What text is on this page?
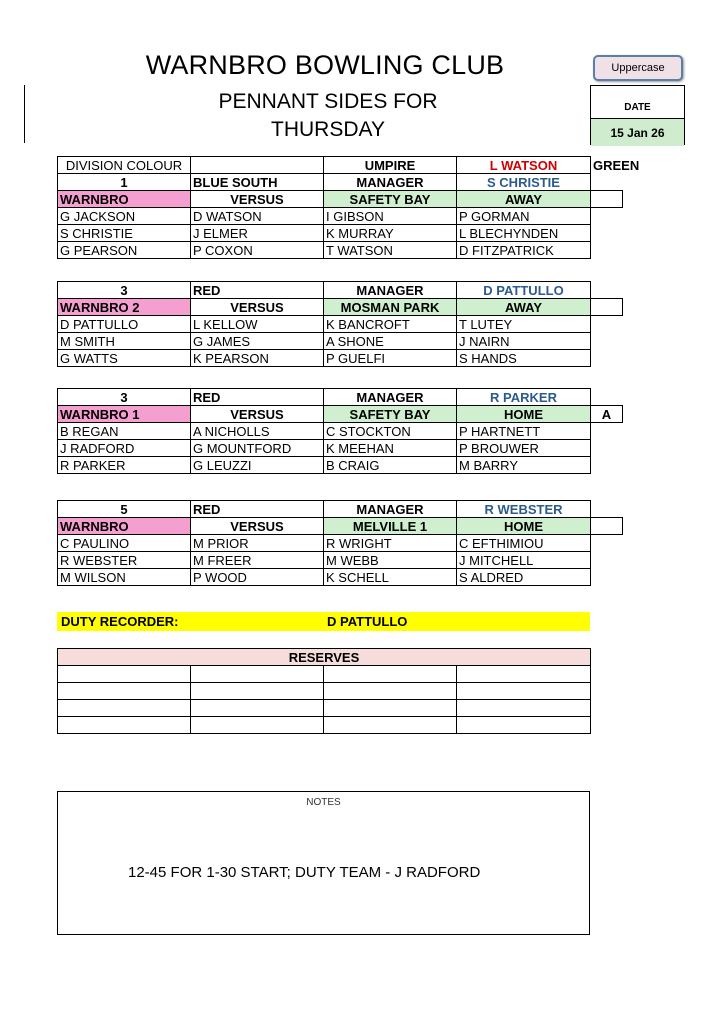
WARNBRO BOWLING CLUB
PENNANT SIDES FOR
THURSDAY
Uppercase
DATE
15 Jan 26
DIVISION COLOUR		UMPIRE	L WATSON	GREEN	
1	BLUE SOUTH	MANAGER	S CHRISTIE		
WARNBRO	VERSUS	SAFETY BAY	AWAY		
G JACKSON	D WATSON	I GIBSON	P GORMAN		
S CHRISTIE	J ELMER	K MURRAY	L BLECHYNDEN		
G PEARSON	P COXON	T WATSON	D FITZPATRICK		
3	RED	MANAGER	D PATTULLO	
WARNBRO 2	VERSUS	MOSMAN PARK	AWAY	
D PATTULLO	L KELLOW	K BANCROFT	T LUTEY	
M SMITH	G JAMES	A SHONE	J NAIRN	
G WATTS	K PEARSON	P GUELFI	S HANDS	
3	RED	MANAGER	R PARKER	
WARNBRO 1	VERSUS	SAFETY BAY	HOME	A
B REGAN	A NICHOLLS	C STOCKTON	P HARTNETT	
J RADFORD	G MOUNTFORD	K MEEHAN	P BROUWER	
R PARKER	G LEUZZI	B CRAIG	M BARRY	
5	RED	MANAGER	R WEBSTER	
WARNBRO	VERSUS	MELVILLE 1	HOME	
C PAULINO	M PRIOR	R WRIGHT	C EFTHIMIOU	
R WEBSTER	M FREER	M WEBB	J MITCHELL	
M WILSON	P WOOD	K SCHELL	S ALDRED	
DUTY RECORDER:	D PATTULLO
RESERVES			

NOTES
12-45 FOR 1-30 START; DUTY TEAM - J RADFORD
